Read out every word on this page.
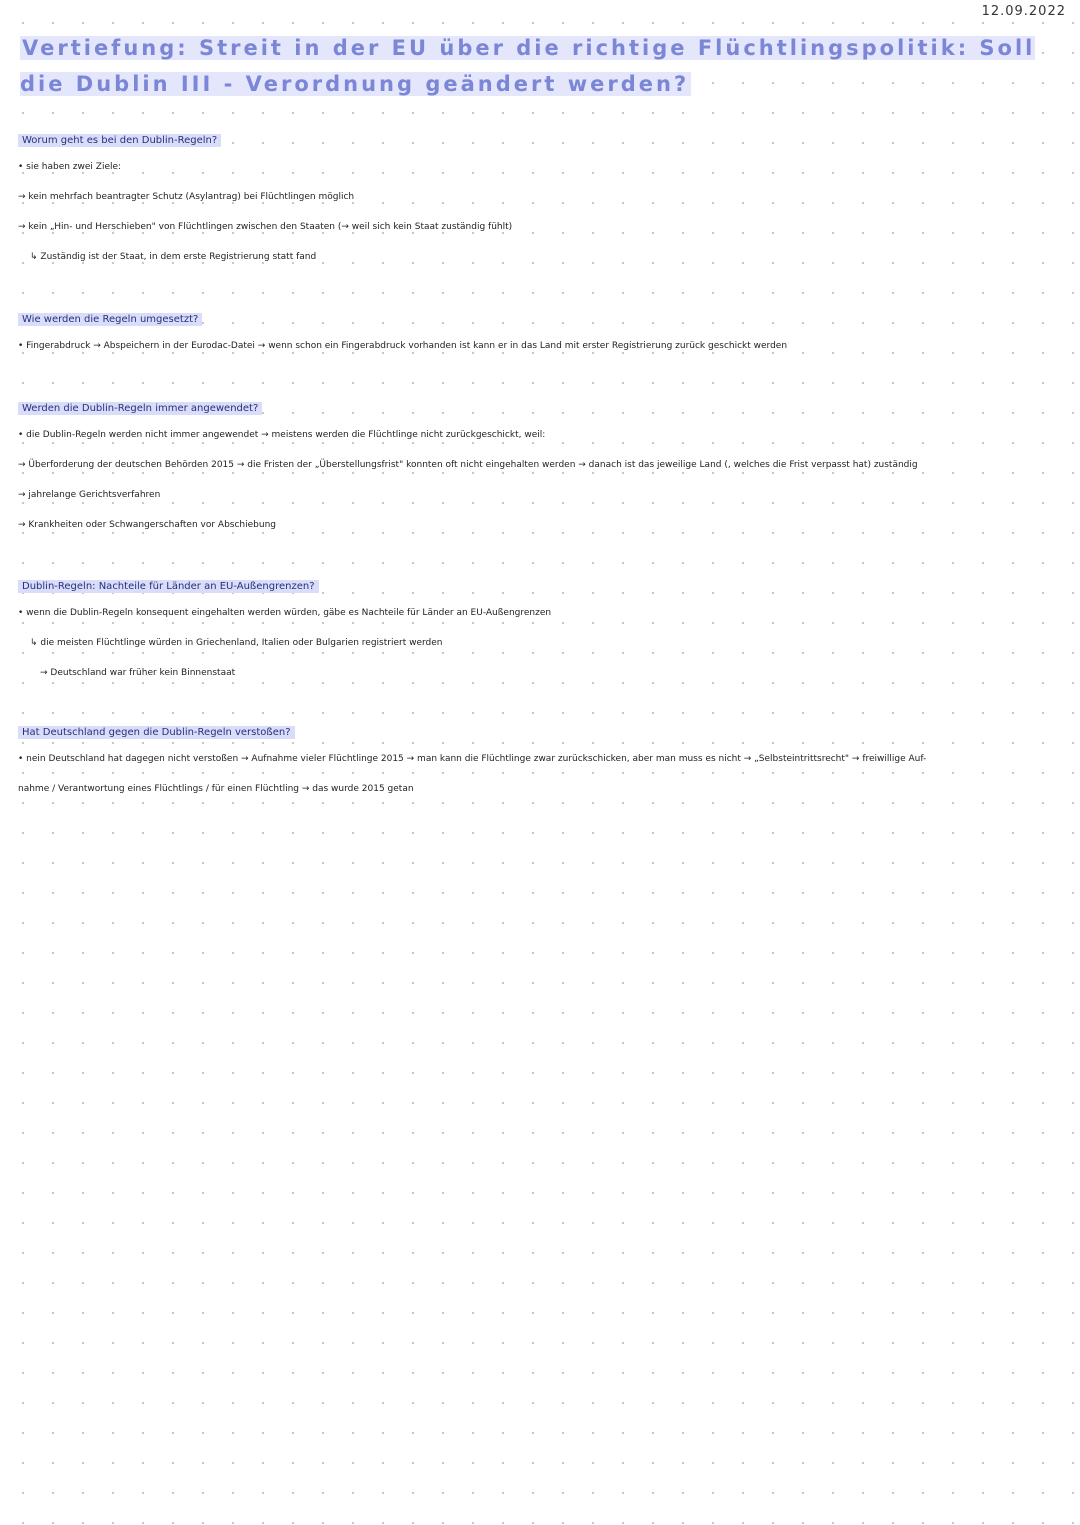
12.09.2022
Vertiefung: Streit in der EU über die richtige Flüchtlingspolitik: Soll die Dublin III - Verordnung geändert werden?
Worum geht es bei den Dublin-Regeln?
• sie haben zwei Ziele:
→ kein mehrfach beantragter Schutz (Asylantrag) bei Flüchtlingen möglich
→ kein „Hin- und Herschieben" von Flüchtlingen zwischen den Staaten (→ weil sich kein Staat zuständig fühlt)
↳ Zuständig ist der Staat, in dem erste Registrierung statt fand
Wie werden die Regeln umgesetzt?
• Fingerabdruck → Abspeichern in der Eurodac-Datei → wenn schon ein Fingerabdruck vorhanden ist kann er in das Land mit erster Registrierung zurück geschickt werden
Werden die Dublin-Regeln immer angewendet?
• die Dublin-Regeln werden nicht immer angewendet → meistens werden die Flüchtlinge nicht zurückgeschickt, weil:
→ Überforderung der deutschen Behörden 2015 → die Fristen der „Überstellungsfrist" konnten oft nicht eingehalten werden → danach ist das jeweilige Land (, welches die Frist verpasst hat) zuständig
→ jahrelange Gerichtsverfahren
→ Krankheiten oder Schwangerschaften vor Abschiebung
Dublin-Regeln: Nachteile für Länder an EU-Außengrenzen?
• wenn die Dublin-Regeln konsequent eingehalten werden würden, gäbe es Nachteile für Länder an EU-Außengrenzen
↳ die meisten Flüchtlinge würden in Griechenland, Italien oder Bulgarien registriert werden
→ Deutschland war früher kein Binnenstaat
Hat Deutschland gegen die Dublin-Regeln verstoßen?
• nein Deutschland hat dagegen nicht verstoßen → Aufnahme vieler Flüchtlinge 2015 → man kann die Flüchtlinge zwar zurückschicken, aber man muss es nicht → „Selbsteintrittsrecht" → freiwillige Auf-
nahme / Verantwortung eines Flüchtlings / für einen Flüchtling → das wurde 2015 getan
